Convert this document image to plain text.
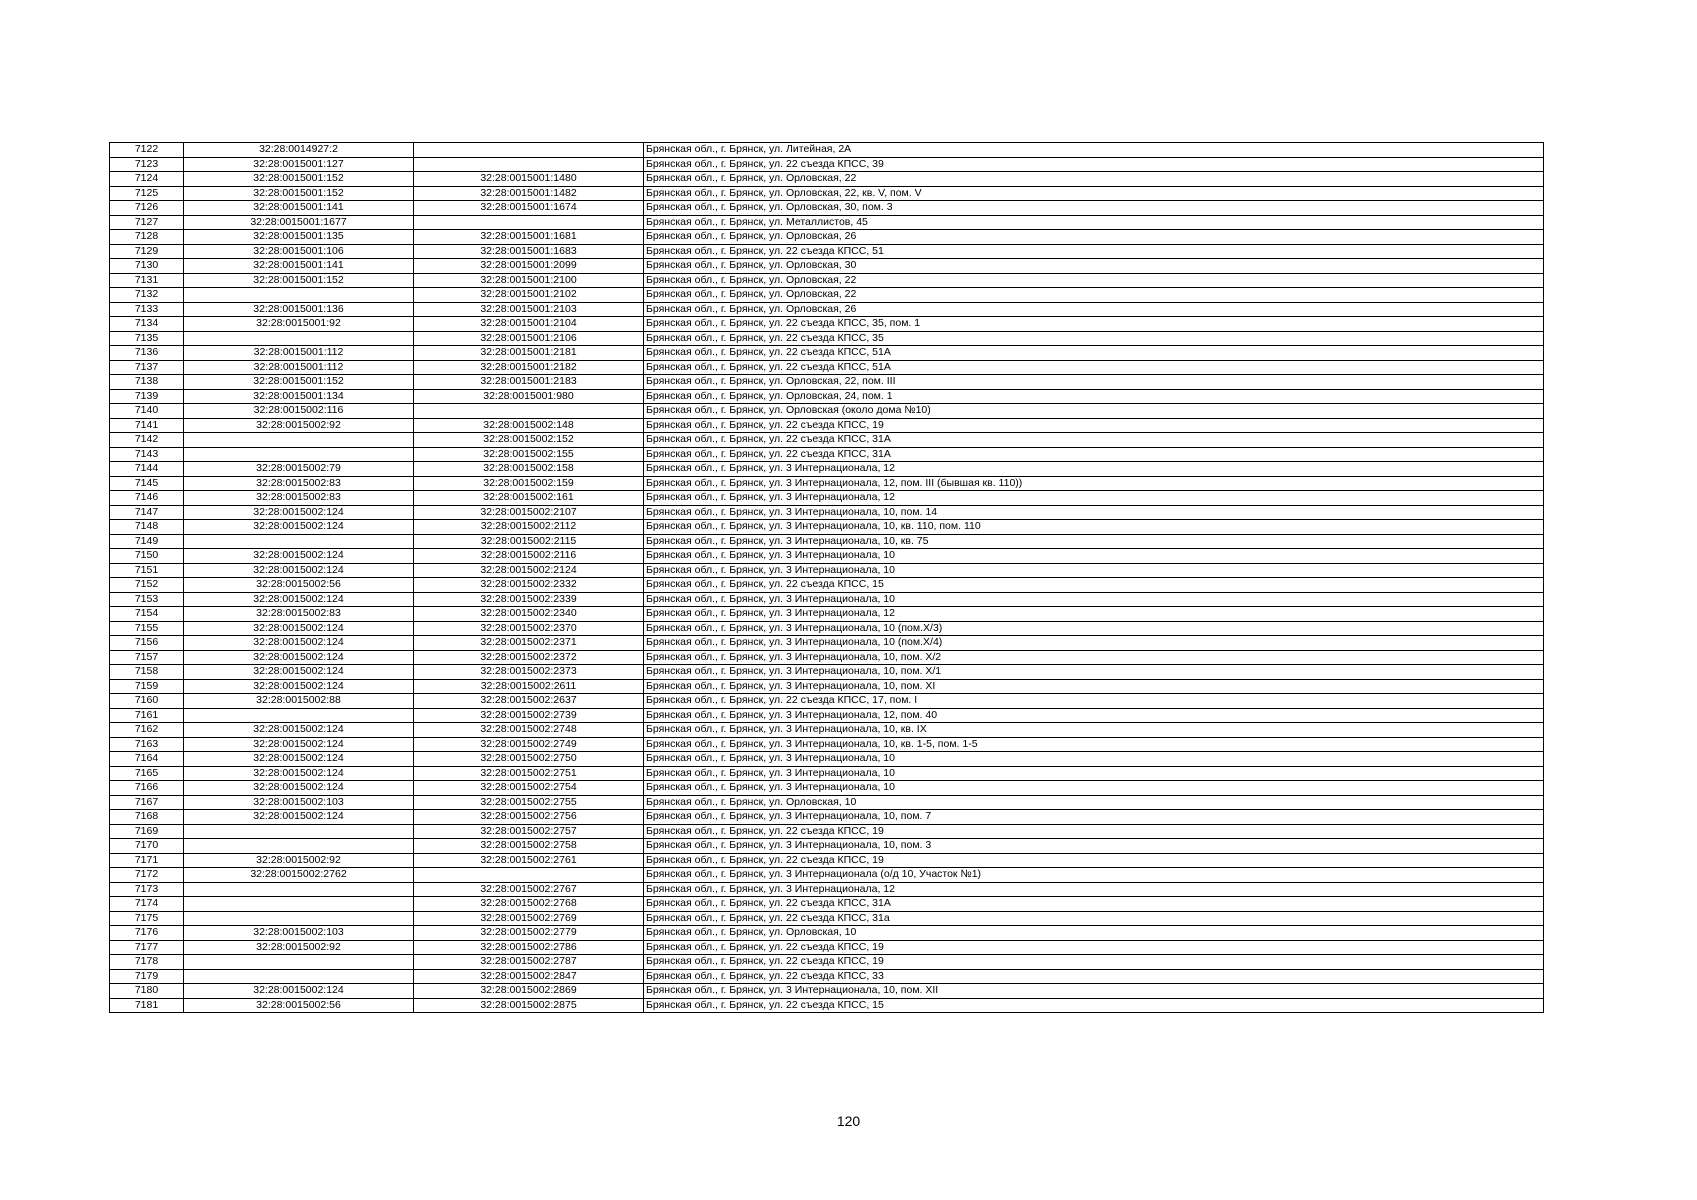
7122	32:28:0014927:2		Брянская обл., г. Брянск, ул. Литейная, 2А
7123	32:28:0015001:127		Брянская обл., г. Брянск, ул. 22 съезда КПСС, 39
7124	32:28:0015001:152	32:28:0015001:1480	Брянская обл., г. Брянск, ул. Орловская, 22
7125	32:28:0015001:152	32:28:0015001:1482	Брянская обл., г. Брянск, ул. Орловская, 22, кв. V, пом. V
7126	32:28:0015001:141	32:28:0015001:1674	Брянская обл., г. Брянск, ул. Орловская, 30, пом. 3
7127	32:28:0015001:1677		Брянская обл., г. Брянск, ул. Металлистов, 45
7128	32:28:0015001:135	32:28:0015001:1681	Брянская обл., г. Брянск, ул. Орловская, 26
7129	32:28:0015001:106	32:28:0015001:1683	Брянская обл., г. Брянск, ул. 22 съезда КПСС, 51
7130	32:28:0015001:141	32:28:0015001:2099	Брянская обл., г. Брянск, ул. Орловская, 30
7131	32:28:0015001:152	32:28:0015001:2100	Брянская обл., г. Брянск, ул. Орловская, 22
7132		32:28:0015001:2102	Брянская обл., г. Брянск, ул. Орловская, 22
7133	32:28:0015001:136	32:28:0015001:2103	Брянская обл., г. Брянск, ул. Орловская, 26
7134	32:28:0015001:92	32:28:0015001:2104	Брянская обл., г. Брянск, ул. 22 съезда КПСС, 35, пом. 1
7135		32:28:0015001:2106	Брянская обл., г. Брянск, ул. 22 съезда КПСС, 35
7136	32:28:0015001:112	32:28:0015001:2181	Брянская обл., г. Брянск, ул. 22 съезда КПСС, 51А
7137	32:28:0015001:112	32:28:0015001:2182	Брянская обл., г. Брянск, ул. 22 съезда КПСС, 51А
7138	32:28:0015001:152	32:28:0015001:2183	Брянская обл., г. Брянск, ул. Орловская, 22, пом. III
7139	32:28:0015001:134	32:28:0015001:980	Брянская обл., г. Брянск, ул. Орловская, 24, пом. 1
7140	32:28:0015002:116		Брянская обл., г. Брянск, ул. Орловская (около дома №10)
7141	32:28:0015002:92	32:28:0015002:148	Брянская обл., г. Брянск, ул. 22 съезда КПСС, 19
7142		32:28:0015002:152	Брянская обл., г. Брянск, ул. 22 съезда КПСС, 31А
7143		32:28:0015002:155	Брянская обл., г. Брянск, ул. 22 съезда КПСС, 31А
7144	32:28:0015002:79	32:28:0015002:158	Брянская обл., г. Брянск, ул. 3 Интернационала, 12
7145	32:28:0015002:83	32:28:0015002:159	Брянская обл., г. Брянск, ул. 3 Интернационала, 12, пом. III (бывшая кв. 110))
7146	32:28:0015002:83	32:28:0015002:161	Брянская обл., г. Брянск, ул. 3 Интернационала, 12
7147	32:28:0015002:124	32:28:0015002:2107	Брянская обл., г. Брянск, ул. 3 Интернационала, 10, пом. 14
7148	32:28:0015002:124	32:28:0015002:2112	Брянская обл., г. Брянск, ул. 3 Интернационала, 10, кв. 110, пом. 110
7149		32:28:0015002:2115	Брянская обл., г. Брянск, ул. 3 Интернационала, 10, кв. 75
7150	32:28:0015002:124	32:28:0015002:2116	Брянская обл., г. Брянск, ул. 3 Интернационала, 10
7151	32:28:0015002:124	32:28:0015002:2124	Брянская обл., г. Брянск, ул. 3 Интернационала, 10
7152	32:28:0015002:56	32:28:0015002:2332	Брянская обл., г. Брянск, ул. 22 съезда КПСС, 15
7153	32:28:0015002:124	32:28:0015002:2339	Брянская обл., г. Брянск, ул. 3 Интернационала, 10
7154	32:28:0015002:83	32:28:0015002:2340	Брянская обл., г. Брянск, ул. 3 Интернационала, 12
7155	32:28:0015002:124	32:28:0015002:2370	Брянская обл., г. Брянск, ул. 3 Интернационала, 10 (пом.X/3)
7156	32:28:0015002:124	32:28:0015002:2371	Брянская обл., г. Брянск, ул. 3 Интернационала, 10 (пом.X/4)
7157	32:28:0015002:124	32:28:0015002:2372	Брянская обл., г. Брянск, ул. 3 Интернационала, 10, пом. X/2
7158	32:28:0015002:124	32:28:0015002:2373	Брянская обл., г. Брянск, ул. 3 Интернационала, 10, пом. X/1
7159	32:28:0015002:124	32:28:0015002:2611	Брянская обл., г. Брянск, ул. 3 Интернационала, 10, пом. XI
7160	32:28:0015002:88	32:28:0015002:2637	Брянская обл., г. Брянск, ул. 22 съезда КПСС, 17, пом. I
7161		32:28:0015002:2739	Брянская обл., г. Брянск, ул. 3 Интернационала, 12, пом. 40
7162	32:28:0015002:124	32:28:0015002:2748	Брянская обл., г. Брянск, ул. 3 Интернационала, 10, кв. IX
7163	32:28:0015002:124	32:28:0015002:2749	Брянская обл., г. Брянск, ул. 3 Интернационала, 10, кв. 1-5, пом. 1-5
7164	32:28:0015002:124	32:28:0015002:2750	Брянская обл., г. Брянск, ул. 3 Интернационала, 10
7165	32:28:0015002:124	32:28:0015002:2751	Брянская обл., г. Брянск, ул. 3 Интернационала, 10
7166	32:28:0015002:124	32:28:0015002:2754	Брянская обл., г. Брянск, ул. 3 Интернационала, 10
7167	32:28:0015002:103	32:28:0015002:2755	Брянская обл., г. Брянск, ул. Орловская, 10
7168	32:28:0015002:124	32:28:0015002:2756	Брянская обл., г. Брянск, ул. 3 Интернационала, 10, пом. 7
7169		32:28:0015002:2757	Брянская обл., г. Брянск, ул. 22 съезда КПСС, 19
7170		32:28:0015002:2758	Брянская обл., г. Брянск, ул. 3 Интернационала, 10, пом. 3
7171	32:28:0015002:92	32:28:0015002:2761	Брянская обл., г. Брянск, ул. 22 съезда КПСС, 19
7172	32:28:0015002:2762		Брянская обл., г. Брянск, ул. 3 Интернационала (о/д 10, Участок №1)
7173		32:28:0015002:2767	Брянская обл., г. Брянск, ул. 3 Интернационала, 12
7174		32:28:0015002:2768	Брянская обл., г. Брянск, ул. 22 съезда КПСС, 31А
7175		32:28:0015002:2769	Брянская обл., г. Брянск, ул. 22 съезда КПСС, 31а
7176	32:28:0015002:103	32:28:0015002:2779	Брянская обл., г. Брянск, ул. Орловская, 10
7177	32:28:0015002:92	32:28:0015002:2786	Брянская обл., г. Брянск, ул. 22 съезда КПСС, 19
7178		32:28:0015002:2787	Брянская обл., г. Брянск, ул. 22 съезда КПСС, 19
7179		32:28:0015002:2847	Брянская обл., г. Брянск, ул. 22 съезда КПСС, 33
7180	32:28:0015002:124	32:28:0015002:2869	Брянская обл., г. Брянск, ул. 3 Интернационала, 10, пом. XII
7181	32:28:0015002:56	32:28:0015002:2875	Брянская обл., г. Брянск, ул. 22 съезда КПСС, 15
120
